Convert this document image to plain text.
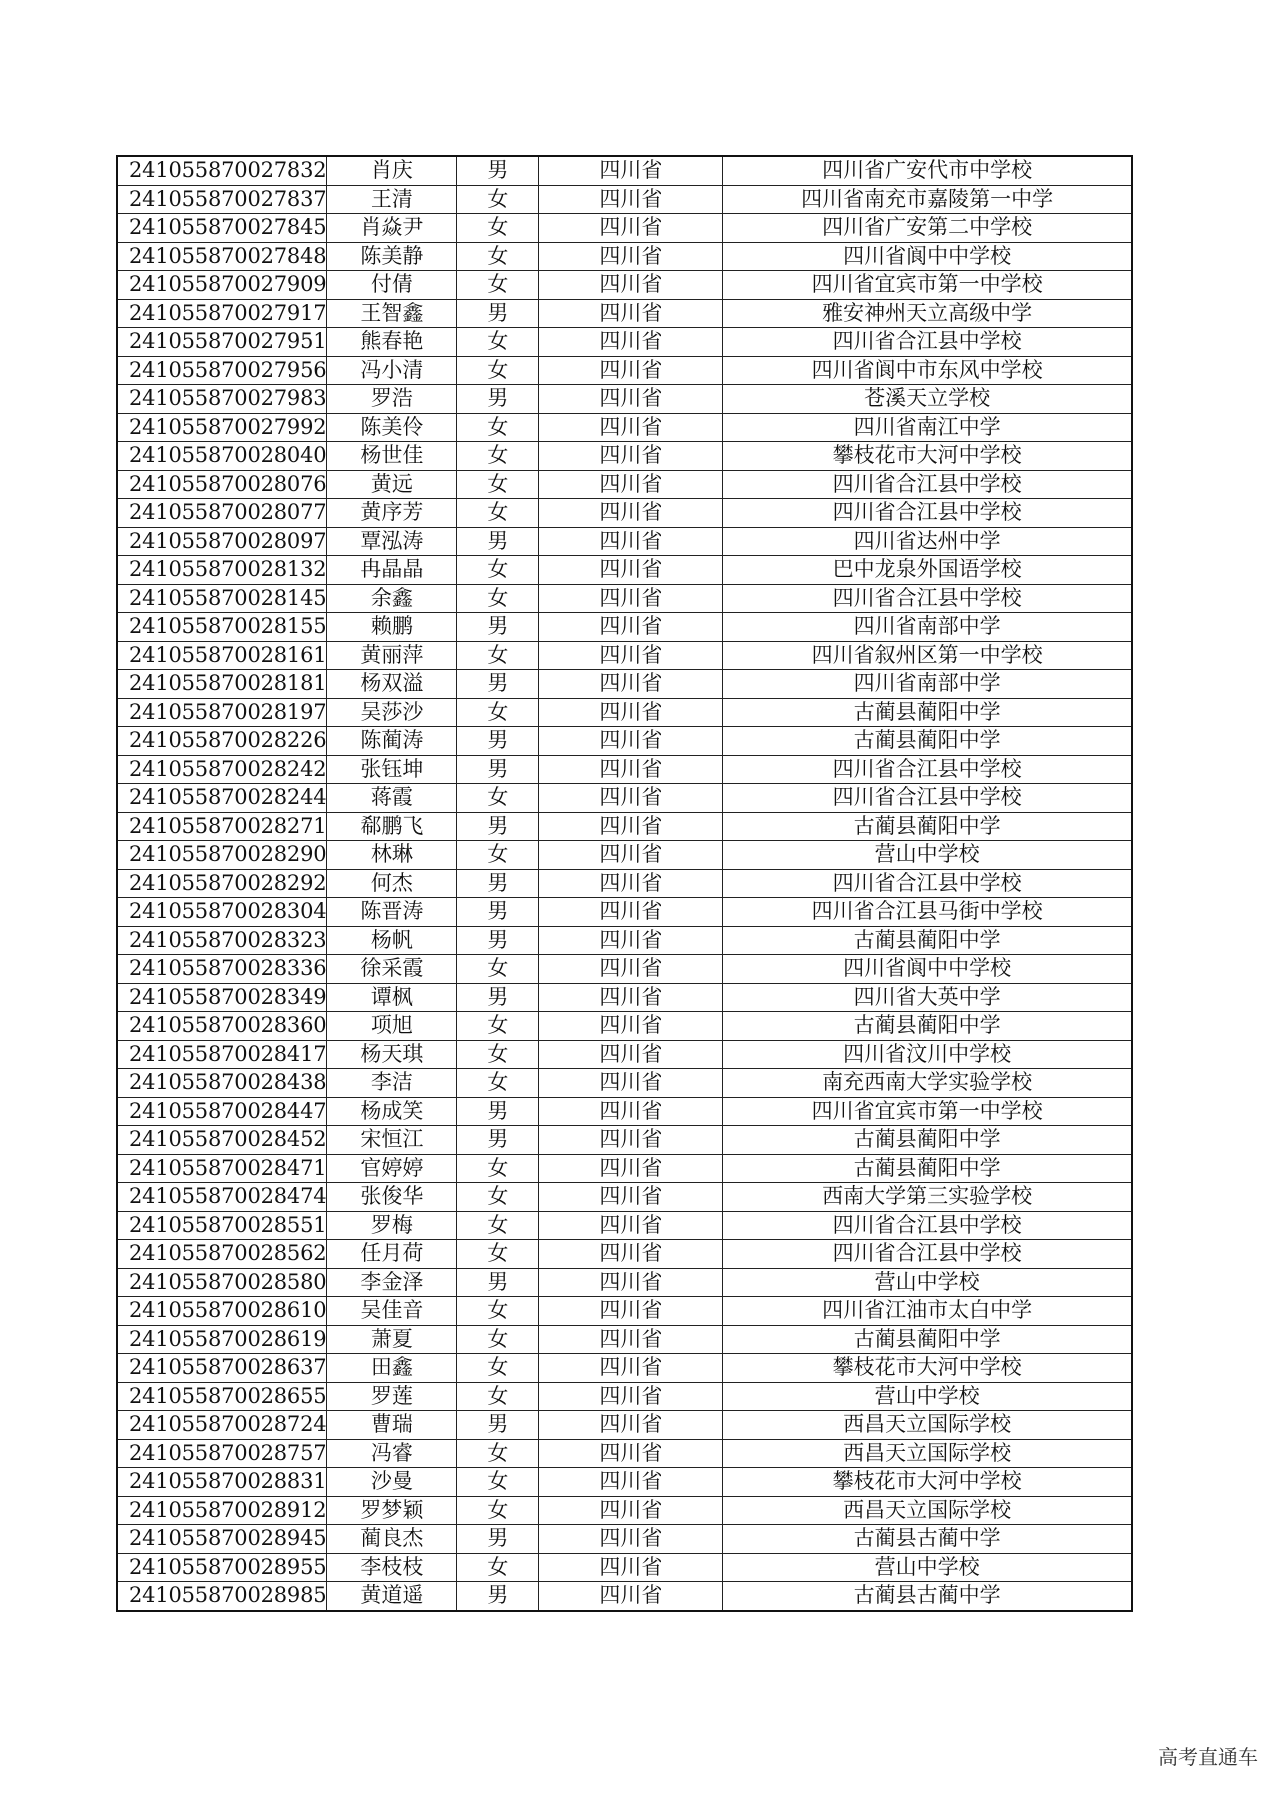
241055870027832	肖庆	男	四川省	四川省广安代市中学校
241055870027837	王清	女	四川省	四川省南充市嘉陵第一中学
241055870027845	肖焱尹	女	四川省	四川省广安第二中学校
241055870027848	陈美静	女	四川省	四川省阆中中学校
241055870027909	付倩	女	四川省	四川省宜宾市第一中学校
241055870027917	王智鑫	男	四川省	雅安神州天立高级中学
241055870027951	熊春艳	女	四川省	四川省合江县中学校
241055870027956	冯小清	女	四川省	四川省阆中市东风中学校
241055870027983	罗浩	男	四川省	苍溪天立学校
241055870027992	陈美伶	女	四川省	四川省南江中学
241055870028040	杨世佳	女	四川省	攀枝花市大河中学校
241055870028076	黄远	女	四川省	四川省合江县中学校
241055870028077	黄序芳	女	四川省	四川省合江县中学校
241055870028097	覃泓涛	男	四川省	四川省达州中学
241055870028132	冉晶晶	女	四川省	巴中龙泉外国语学校
241055870028145	余鑫	女	四川省	四川省合江县中学校
241055870028155	赖鹏	男	四川省	四川省南部中学
241055870028161	黄丽萍	女	四川省	四川省叙州区第一中学校
241055870028181	杨双溢	男	四川省	四川省南部中学
241055870028197	吴莎沙	女	四川省	古蔺县蔺阳中学
241055870028226	陈蔺涛	男	四川省	古蔺县蔺阳中学
241055870028242	张钰坤	男	四川省	四川省合江县中学校
241055870028244	蒋霞	女	四川省	四川省合江县中学校
241055870028271	郗鹏飞	男	四川省	古蔺县蔺阳中学
241055870028290	林琳	女	四川省	营山中学校
241055870028292	何杰	男	四川省	四川省合江县中学校
241055870028304	陈晋涛	男	四川省	四川省合江县马街中学校
241055870028323	杨帆	男	四川省	古蔺县蔺阳中学
241055870028336	徐采霞	女	四川省	四川省阆中中学校
241055870028349	谭枫	男	四川省	四川省大英中学
241055870028360	项旭	女	四川省	古蔺县蔺阳中学
241055870028417	杨天琪	女	四川省	四川省汶川中学校
241055870028438	李洁	女	四川省	南充西南大学实验学校
241055870028447	杨成笑	男	四川省	四川省宜宾市第一中学校
241055870028452	宋恒江	男	四川省	古蔺县蔺阳中学
241055870028471	官婷婷	女	四川省	古蔺县蔺阳中学
241055870028474	张俊华	女	四川省	西南大学第三实验学校
241055870028551	罗梅	女	四川省	四川省合江县中学校
241055870028562	任月荷	女	四川省	四川省合江县中学校
241055870028580	李金泽	男	四川省	营山中学校
241055870028610	吴佳音	女	四川省	四川省江油市太白中学
241055870028619	萧夏	女	四川省	古蔺县蔺阳中学
241055870028637	田鑫	女	四川省	攀枝花市大河中学校
241055870028655	罗莲	女	四川省	营山中学校
241055870028724	曹瑞	男	四川省	西昌天立国际学校
241055870028757	冯睿	女	四川省	西昌天立国际学校
241055870028831	沙曼	女	四川省	攀枝花市大河中学校
241055870028912	罗梦颖	女	四川省	西昌天立国际学校
241055870028945	蔺良杰	男	四川省	古蔺县古蔺中学
241055870028955	李枝枝	女	四川省	营山中学校
241055870028985	黄道遥	男	四川省	古蔺县古蔺中学
高考直通车
